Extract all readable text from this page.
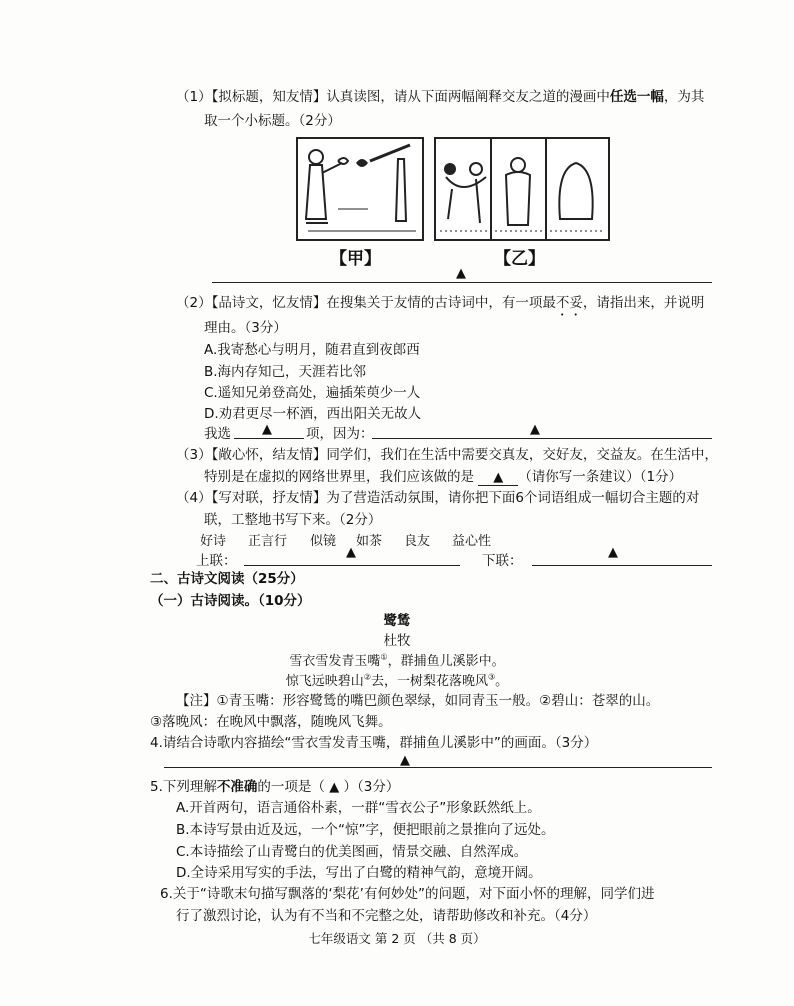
（1）【拟标题，知友情】认真读图，请从下面两幅阐释交友之道的漫画中任选一幅，为其
取一个小标题。（2分）
【甲】	【乙】
▲
（2）【品诗文，忆友情】在搜集关于友情的古诗词中，有一项最不妥，请指出来，并说明
理由。（3分）
A.我寄愁心与明月，随君直到夜郎西
B.海内存知己，天涯若比邻
C.遥知兄弟登高处，遍插茱萸少一人
D.劝君更尽一杯酒，西出阳关无故人
我选 ▲	项，因为：	▲
（3）【敞心怀，结友情】同学们，我们在生活中需要交真友，交好友，交益友。在生活中，
特别是在虚拟的网络世界里，我们应该做的是 ▲ （请你写一条建议）（1分）
（4）【写对联，抒友情】为了营造活动氛围，请你把下面6个词语组成一幅切合主题的对
联，工整地书写下来。（2分）
好诗 正言行 似镜 如茶 良友 益心性
上联：
▲
下联：
▲
二、古诗文阅读（25分）
（一）古诗阅读。（10分）
鹭鸶
杜牧
雪衣雪发青玉嘴①，群捕鱼儿溪影中。
惊飞远映碧山②去，一树梨花落晚风③。
【注】①青玉嘴：形容鹭鸶的嘴巴颜色翠绿，如同青玉一般。②碧山：苍翠的山。
③落晚风：在晚风中飘落，随晚风飞舞。
4.请结合诗歌内容描绘“雪衣雪发青玉嘴，群捕鱼儿溪影中”的画面。（3分）
▲
5.下列理解不准确的一项是（ ▲ ）（3分）
A.开首两句，语言通俗朴素，一群“雪衣公子”形象跃然纸上。
B.本诗写景由近及远，一个“惊”字，便把眼前之景推向了远处。
C.本诗描绘了山青鹭白的优美图画，情景交融、自然浑成。
D.全诗采用写实的手法，写出了白鹭的精神气韵，意境开阔。
6.关于“诗歌末句描写飘落的‘梨花’有何妙处”的问题，对下面小怀的理解，同学们进
行了激烈讨论，认为有不当和不完整之处，请帮助修改和补充。（4分）
七年级语文 第 2 页 （共 8 页）
